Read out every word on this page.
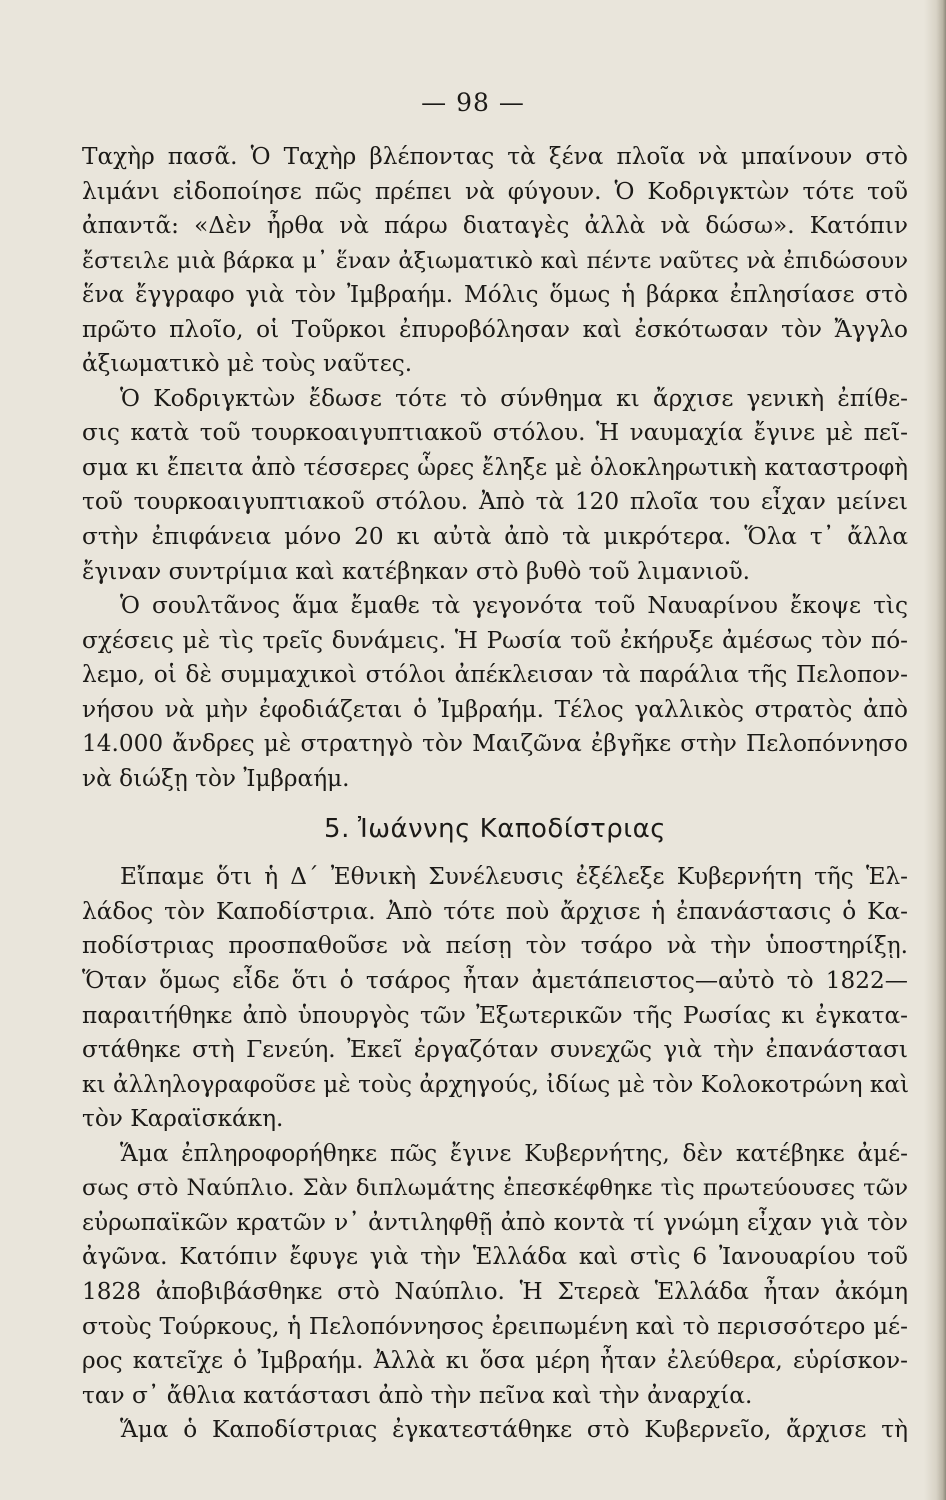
— 98 —
Ταχὴρ πασᾶ. Ὁ Ταχὴρ βλέποντας τὰ ξένα πλοῖα νὰ μπαίνουν στὸ
λιμάνι εἰδοποίησε πῶς πρέπει νὰ φύγουν. Ὁ Κοδριγκτὼν τότε τοῦ
ἀπαντᾶ: «Δὲν ἦρθα νὰ πάρω διαταγὲς ἀλλὰ νὰ δώσω». Κατόπιν
ἔστειλε μιὰ βάρκα μ᾽ ἕναν ἀξιωματικὸ καὶ πέντε ναῦτες νὰ ἐπιδώσουν
ἕνα ἔγγραφο γιὰ τὸν Ἰμβραήμ. Μόλις ὅμως ἡ βάρκα ἐπλησίασε στὸ
πρῶτο πλοῖο, οἱ Τοῦρκοι ἐπυροβόλησαν καὶ ἐσκότωσαν τὸν Ἄγγλο
ἀξιωματικὸ μὲ τοὺς ναῦτες.
Ὁ Κοδριγκτὼν ἔδωσε τότε τὸ σύνθημα κι ἄρχισε γενικὴ ἐπίθε-
σις κατὰ τοῦ τουρκοαιγυπτιακοῦ στόλου. Ἡ ναυμαχία ἔγινε μὲ πεῖ-
σμα κι ἔπειτα ἀπὸ τέσσερες ὧρες ἔληξε μὲ ὁλοκληρωτικὴ καταστροφὴ
τοῦ τουρκοαιγυπτιακοῦ στόλου. Ἀπὸ τὰ 120 πλοῖα του εἶχαν μείνει
στὴν ἐπιφάνεια μόνο 20 κι αὐτὰ ἀπὸ τὰ μικρότερα. Ὅλα τ᾽ ἄλλα
ἔγιναν συντρίμια καὶ κατέβηκαν στὸ βυθὸ τοῦ λιμανιοῦ.
Ὁ σουλτᾶνος ἅμα ἔμαθε τὰ γεγονότα τοῦ Ναυαρίνου ἔκοψε τὶς
σχέσεις μὲ τὶς τρεῖς δυνάμεις. Ἡ Ρωσία τοῦ ἐκήρυξε ἀμέσως τὸν πό-
λεμο, οἱ δὲ συμμαχικοὶ στόλοι ἀπέκλεισαν τὰ παράλια τῆς Πελοπον-
νήσου νὰ μὴν ἐφοδιάζεται ὁ Ἰμβραήμ. Τέλος γαλλικὸς στρατὸς ἀπὸ
14.000 ἄνδρες μὲ στρατηγὸ τὸν Μαιζῶνα ἐβγῆκε στὴν Πελοπόννησο
νὰ διώξῃ τὸν Ἰμβραήμ.
5. Ἰωάννης Καποδίστριας
Εἴπαμε ὅτι ἡ Δ΄ Ἐθνικὴ Συνέλευσις ἐξέλεξε Κυβερνήτη τῆς Ἑλ-
λάδος τὸν Καποδίστρια. Ἀπὸ τότε ποὺ ἄρχισε ἡ ἐπανάστασις ὁ Κα-
ποδίστριας προσπαθοῦσε νὰ πείσῃ τὸν τσάρο νὰ τὴν ὑποστηρίξῃ.
Ὅταν ὅμως εἶδε ὅτι ὁ τσάρος ἦταν ἀμετάπειστος—αὐτὸ τὸ 1822—
παραιτήθηκε ἀπὸ ὑπουργὸς τῶν Ἐξωτερικῶν τῆς Ρωσίας κι ἐγκατα-
στάθηκε στὴ Γενεύη. Ἐκεῖ ἐργαζόταν συνεχῶς γιὰ τὴν ἐπανάστασι
κι ἀλληλογραφοῦσε μὲ τοὺς ἀρχηγούς, ἰδίως μὲ τὸν Κολοκοτρώνη καὶ
τὸν Καραϊσκάκη.
Ἅμα ἐπληροφορήθηκε πῶς ἔγινε Κυβερνήτης, δὲν κατέβηκε ἀμέ-
σως στὸ Ναύπλιο. Σὰν διπλωμάτης ἐπεσκέφθηκε τὶς πρωτεύουσες τῶν
εὐρωπαϊκῶν κρατῶν ν᾽ ἀντιληφθῇ ἀπὸ κοντὰ τί γνώμη εἶχαν γιὰ τὸν
ἀγῶνα. Κατόπιν ἔφυγε γιὰ τὴν Ἑλλάδα καὶ στὶς 6 Ἰανουαρίου τοῦ
1828 ἀποβιβάσθηκε στὸ Ναύπλιο. Ἡ Στερεὰ Ἑλλάδα ἦταν ἀκόμη
στοὺς Τούρκους, ἡ Πελοπόννησος ἐρειπωμένη καὶ τὸ περισσότερο μέ-
ρος κατεῖχε ὁ Ἰμβραήμ. Ἀλλὰ κι ὅσα μέρη ἦταν ἐλεύθερα, εὑρίσκον-
ταν σ᾽ ἄθλια κατάστασι ἀπὸ τὴν πεῖνα καὶ τὴν ἀναρχία.
Ἅμα ὁ Καποδίστριας ἐγκατεστάθηκε στὸ Κυβερνεῖο, ἄρχισε τὴ
